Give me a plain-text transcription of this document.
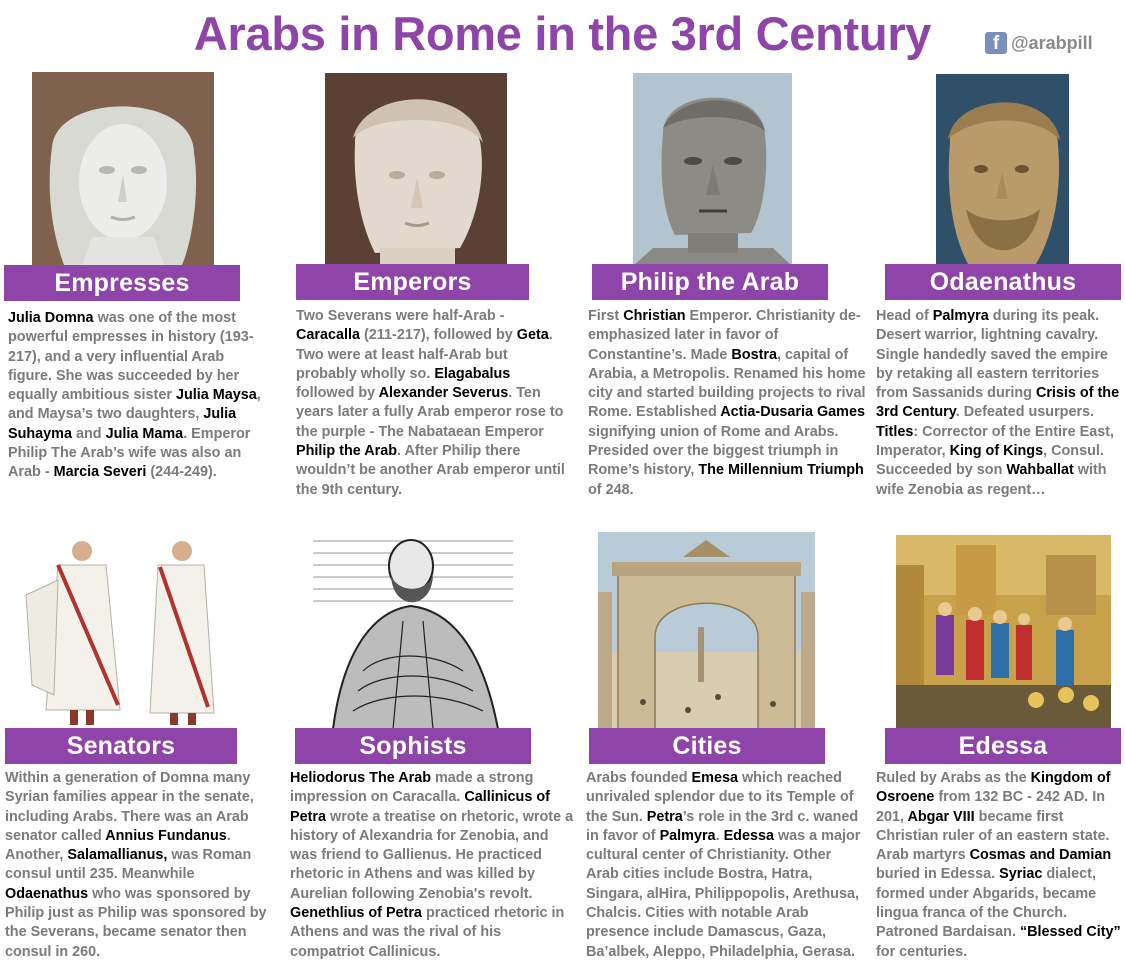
Arabs in Rome in the 3rd Century	f @arabpill
Empresses	Emperors	Philip the Arab	Odaenathus
Senators	Sophists	Cities	Edessa

Julia Domna was one of the most powerful empresses in history (193-217), and a very influential Arab figure. She was succeeded by her equally ambitious sister Julia Maysa, and Maysa’s two daughters, Julia Suhayma and Julia Mama. Emperor Philip The Arab’s wife was also an Arab - Marcia Severi (244-249).

Two Severans were half-Arab - Caracalla (211-217), followed by Geta. Two were at least half-Arab but probably wholly so. Elagabalus followed by Alexander Severus. Ten years later a fully Arab emperor rose to the purple - The Nabataean Emperor Philip the Arab. After Philip there wouldn’t be another Arab emperor until the 9th century.

First Christian Emperor. Christianity de-emphasized later in favor of Constantine’s. Made Bostra, capital of Arabia, a Metropolis. Renamed his home city and started building projects to rival Rome. Established Actia-Dusaria Games signifying union of Rome and Arabs. Presided over the biggest triumph in Rome’s history, The Millennium Triumph of 248.

Head of Palmyra during its peak. Desert warrior, lightning cavalry. Single handedly saved the empire by retaking all eastern territories from Sassanids during Crisis of the 3rd Century. Defeated usurpers. Titles: Corrector of the Entire East, Imperator, King of Kings, Consul. Succeeded by son Wahballat with wife Zenobia as regent…

Within a generation of Domna many Syrian families appear in the senate, including Arabs. There was an Arab senator called Annius Fundanus. Another, Salamallianus, was Roman consul until 235. Meanwhile Odaenathus who was sponsored by Philip just as Philip was sponsored by the Severans, became senator then consul in 260.

Heliodorus The Arab made a strong impression on Caracalla. Callinicus of Petra wrote a treatise on rhetoric, wrote a history of Alexandria for Zenobia, and was friend to Gallienus. He practiced rhetoric in Athens and was killed by Aurelian following Zenobia's revolt. Genethlius of Petra practiced rhetoric in Athens and was the rival of his compatriot Callinicus.

Arabs founded Emesa which reached unrivaled splendor due to its Temple of the Sun. Petra’s role in the 3rd c. waned in favor of Palmyra. Edessa was a major cultural center of Christianity. Other Arab cities include Bostra, Hatra, Singara, alHira, Philippopolis, Arethusa, Chalcis. Cities with notable Arab presence include Damascus, Gaza, Ba’albek, Aleppo, Philadelphia, Gerasa.

Ruled by Arabs as the Kingdom of Osroene from 132 BC - 242 AD. In 201, Abgar VIII became first Christian ruler of an eastern state. Arab martyrs Cosmas and Damian buried in Edessa. Syriac dialect, formed under Abgarids, became lingua franca of the Church. Patroned Bardaisan. “Blessed City” for centuries.
